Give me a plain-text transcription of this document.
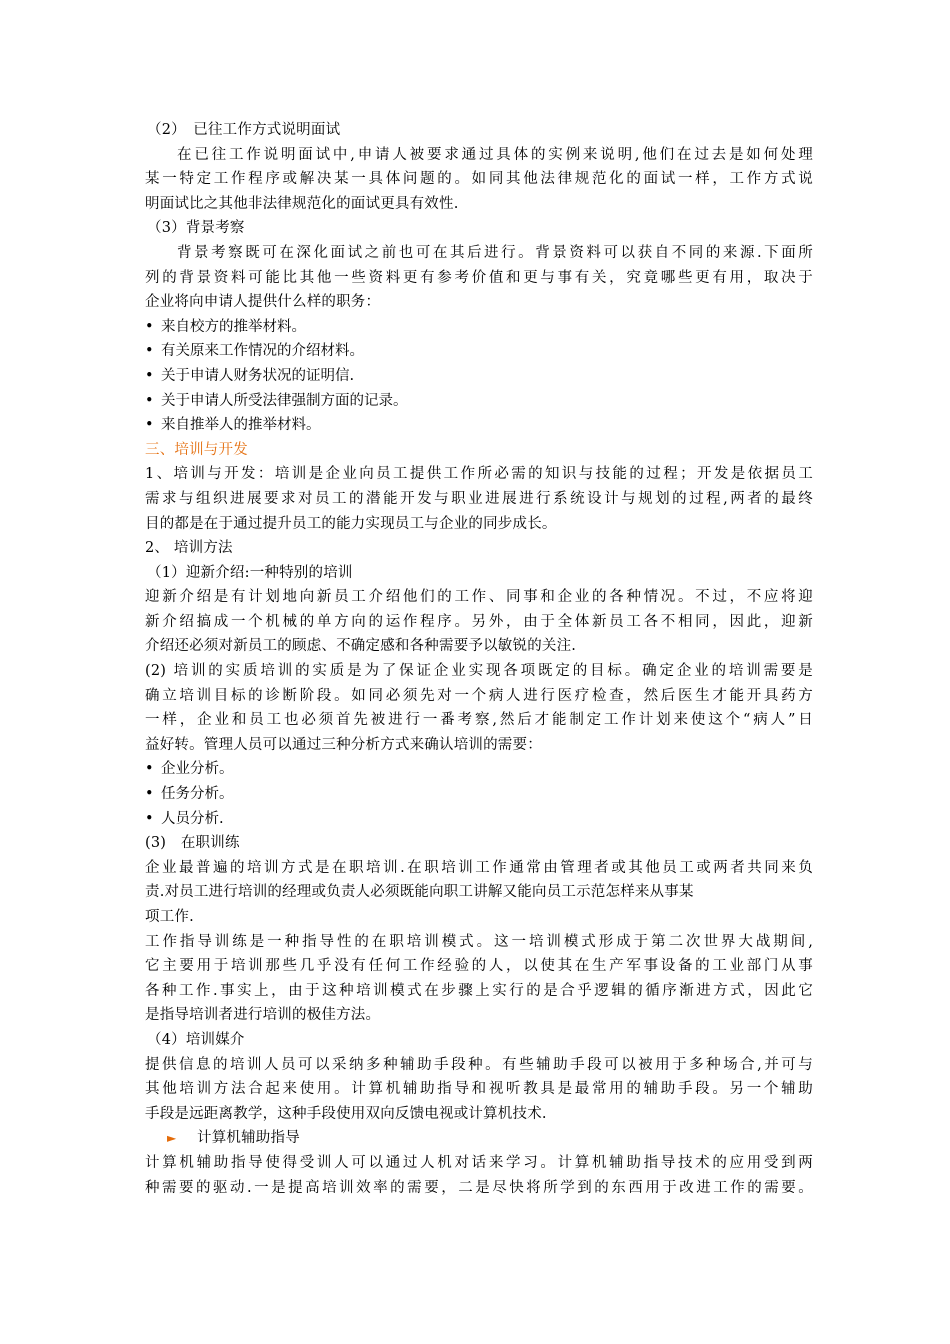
（2）　已往工作方式说明面试
在已往工作说明面试中,申请人被要求通过具体的实例来说明,他们在过去是如何处理
某一特定工作程序或解决某一具体问题的。如同其他法律规范化的面试一样，工作方式说
明面试比之其他非法律规范化的面试更具有效性.
（3）背景考察
背景考察既可在深化面试之前也可在其后进行。背景资料可以获自不同的来源.下面所
列的背景资料可能比其他一些资料更有参考价值和更与事有关，究竟哪些更有用，取决于
企业将向申请人提供什么样的职务：
• 来自校方的推举材料。
• 有关原来工作情况的介绍材料。
• 关于申请人财务状况的证明信.
• 关于申请人所受法律强制方面的记录。
• 来自推举人的推举材料。
三、培训与开发
1、培训与开发：培训是企业向员工提供工作所必需的知识与技能的过程；开发是依据员工
需求与组织进展要求对员工的潜能开发与职业进展进行系统设计与规划的过程,两者的最终
目的都是在于通过提升员工的能力实现员工与企业的同步成长。
2、 培训方法
（1）迎新介绍:一种特别的培训
迎新介绍是有计划地向新员工介绍他们的工作、同事和企业的各种情况。不过，不应将迎
新介绍搞成一个机械的单方向的运作程序。另外，由于全体新员工各不相同，因此，迎新
介绍还必须对新员工的顾虑、不确定感和各种需要予以敏锐的关注.
(2) 培训的实质培训的实质是为了保证企业实现各项既定的目标。确定企业的培训需要是
确立培训目标的诊断阶段。如同必须先对一个病人进行医疗检查，然后医生才能开具药方
一样，企业和员工也必须首先被进行一番考察,然后才能制定工作计划来使这个“病人”日
益好转。管理人员可以通过三种分析方式来确认培训的需要：
• 企业分析。
• 任务分析。
• 人员分析.
(3)　在职训练
企业最普遍的培训方式是在职培训.在职培训工作通常由管理者或其他员工或两者共同来负
责.对员工进行培训的经理或负责人必须既能向职工讲解又能向员工示范怎样来从事某
项工作.
工作指导训练是一种指导性的在职培训模式。这一培训模式形成于第二次世界大战期间,
它主要用于培训那些几乎没有任何工作经验的人，以使其在生产军事设备的工业部门从事
各种工作.事实上，由于这种培训模式在步骤上实行的是合乎逻辑的循序渐进方式，因此它
是指导培训者进行培训的极佳方法。
（4）培训媒介
提供信息的培训人员可以采纳多种辅助手段种。有些辅助手段可以被用于多种场合,并可与
其他培训方法合起来使用。计算机辅助指导和视听教具是最常用的辅助手段。另一个辅助
手段是远距离教学，这种手段使用双向反馈电视或计算机技术.
► 计算机辅助指导
计算机辅助指导使得受训人可以通过人机对话来学习。计算机辅助指导技术的应用受到两
种需要的驱动.一是提高培训效率的需要，二是尽快将所学到的东西用于改进工作的需要。
